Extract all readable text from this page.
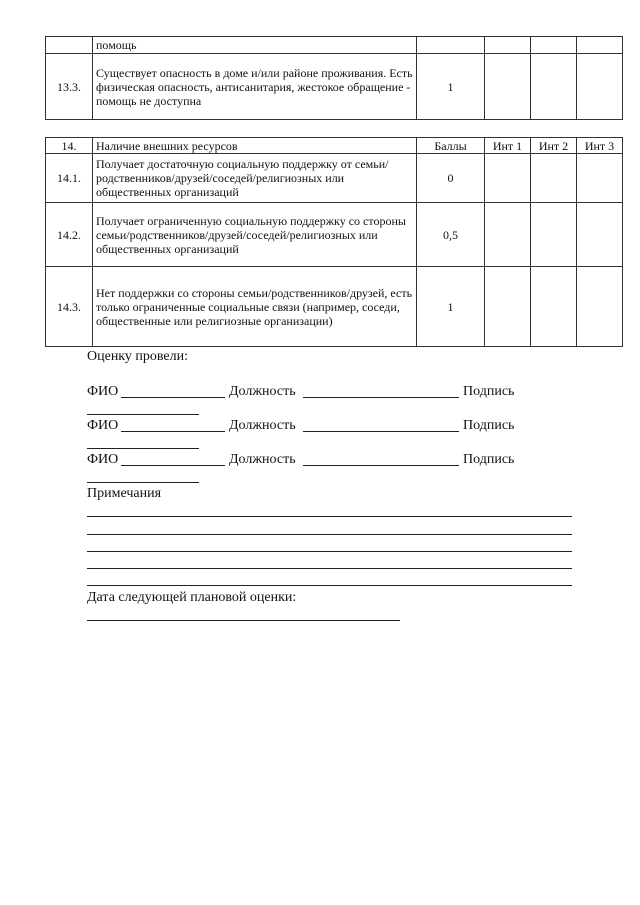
	помощь				
13.3.	Существует опасность в доме и/или районе проживания. Есть физическая опасность, антисанитария, жестокое обращение - помощь не доступна	1			
14.	Наличие внешних ресурсов	Баллы	Инт 1	Инт 2	Инт 3
14.1.	Получает достаточную социальную поддержку от семьи/родственников/друзей/соседей/религиозных или общественных организаций	0			
14.2.	Получает ограниченную социальную поддержку со стороны семьи/родственников/друзей/соседей/религиозных или общественных организаций	0,5			
14.3.	Нет поддержки со стороны семьи/родственников/друзей, есть только ограниченные социальные связи (например, соседи, общественные или религиозные организации)	1			
Оценку провели:
ФИО	Должность	Подпись
ФИО	Должность	Подпись
ФИО	Должность	Подпись
Примечания
Дата следующей плановой оценки:
